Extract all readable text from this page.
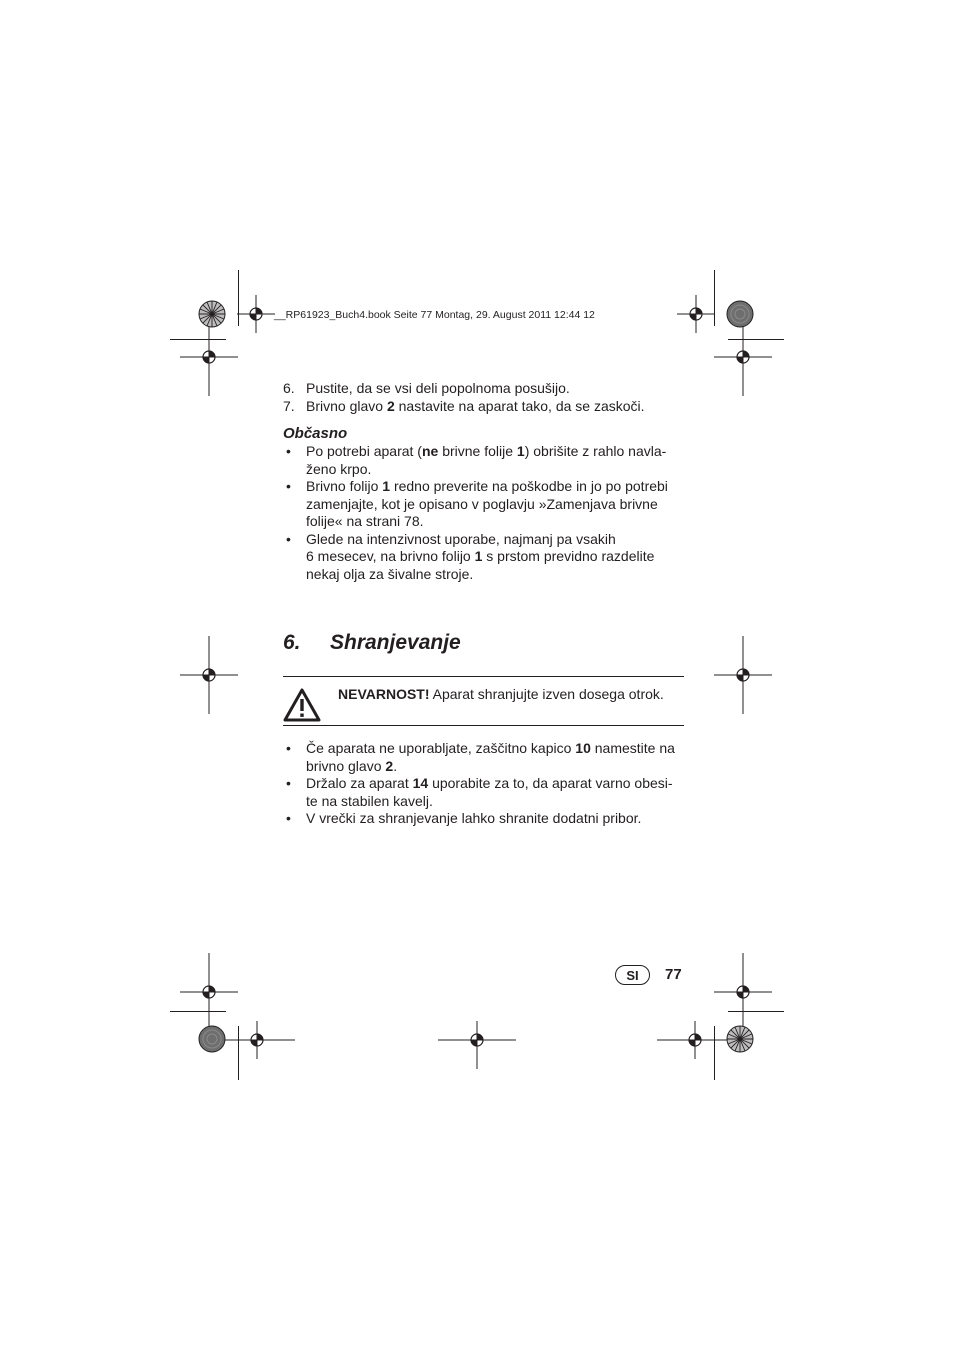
__RP61923_Buch4.book Seite 77 Montag, 29. August 2011 12:44 12
6. Pustite, da se vsi deli popolnoma posušijo.
7. Brivno glavo 2 nastavite na aparat tako, da se zaskoči.
Občasno
• Po potrebi aparat (ne brivne folije 1) obrišite z rahlo navla-
ženo krpo.
• Brivno folijo 1 redno preverite na poškodbe in jo po potrebi
zamenjajte, kot je opisano v poglavju »Zamenjava brivne
folije« na strani 78.
• Glede na intenzivnost uporabe, najmanj pa vsakih
6 mesecev, na brivno folijo 1 s prstom previdno razdelite
nekaj olja za šivalne stroje.
6. Shranjevanje
NEVARNOST! Aparat shranjujte izven dosega otrok.
• Če aparata ne uporabljate, zaščitno kapico 10 namestite na
brivno glavo 2.
• Držalo za aparat 14 uporabite za to, da aparat varno obesi-
te na stabilen kavelj.
• V vrečki za shranjevanje lahko shranite dodatni pribor.
SI	77
